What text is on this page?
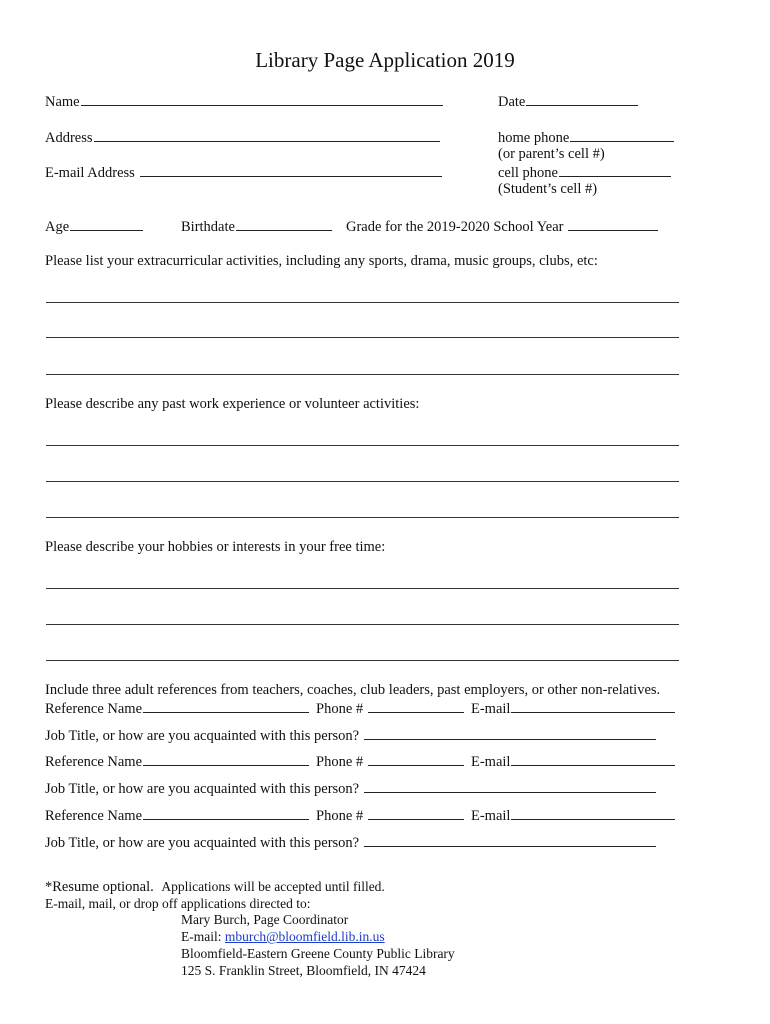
Library Page Application 2019
Name	Date
Address	home phone
(or parent’s cell #)
E-mail Address	cell phone
(Student’s cell #)
Age	Birthdate	Grade for the 2019-2020 School Year
Please list your extracurricular activities, including any sports, drama, music groups, clubs, etc:
Please describe any past work experience or volunteer activities:
Please describe your hobbies or interests in your free time:
Include three adult references from teachers, coaches, club leaders, past employers, or other non-relatives.
Reference Name	Phone #	E-mail
Job Title, or how are you acquainted with this person?
Reference Name	Phone #	E-mail
Job Title, or how are you acquainted with this person?
Reference Name	Phone #	E-mail
Job Title, or how are you acquainted with this person?
*Resume optional. Applications will be accepted until filled.
E-mail, mail, or drop off applications directed to:
Mary Burch, Page Coordinator
E-mail: mburch@bloomfield.lib.in.us
Bloomfield-Eastern Greene County Public Library
125 S. Franklin Street, Bloomfield, IN 47424
